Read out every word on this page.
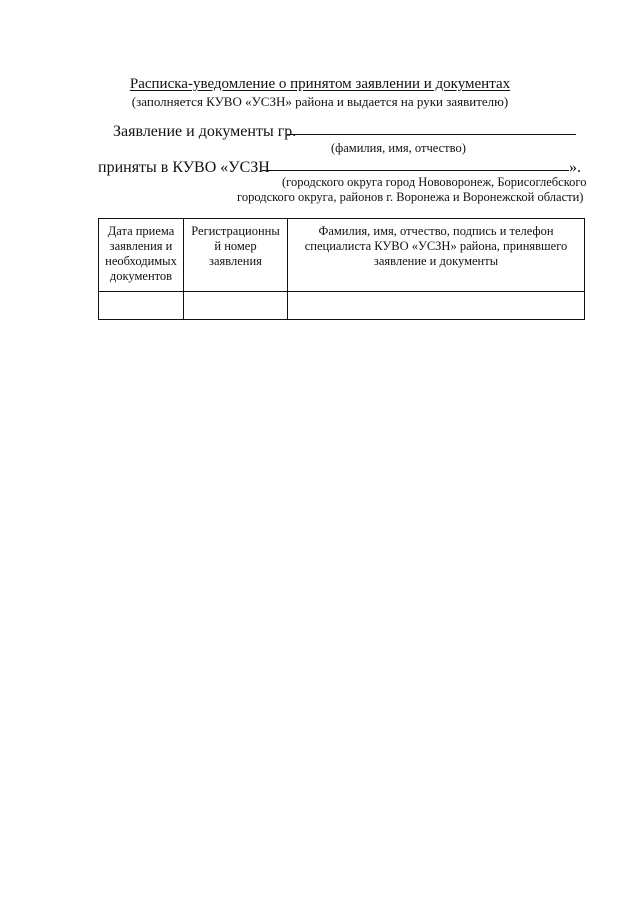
Расписка-уведомление о принятом заявлении и документах
(заполняется КУВО «УСЗН» района и выдается на руки заявителю)
Заявление и документы гр.
(фамилия, имя, отчество)
приняты в КУВО «УСЗН	».
(городского округа город Нововоронеж, Борисоглебского
городского округа, районов г. Воронежа и Воронежской области)
Дата приема
заявления и
необходимых
документов	Регистрационны
й номер
заявления	Фамилия, имя, отчество, подпись и телефон
специалиста КУВО «УСЗН» района, принявшего
заявление и документы
